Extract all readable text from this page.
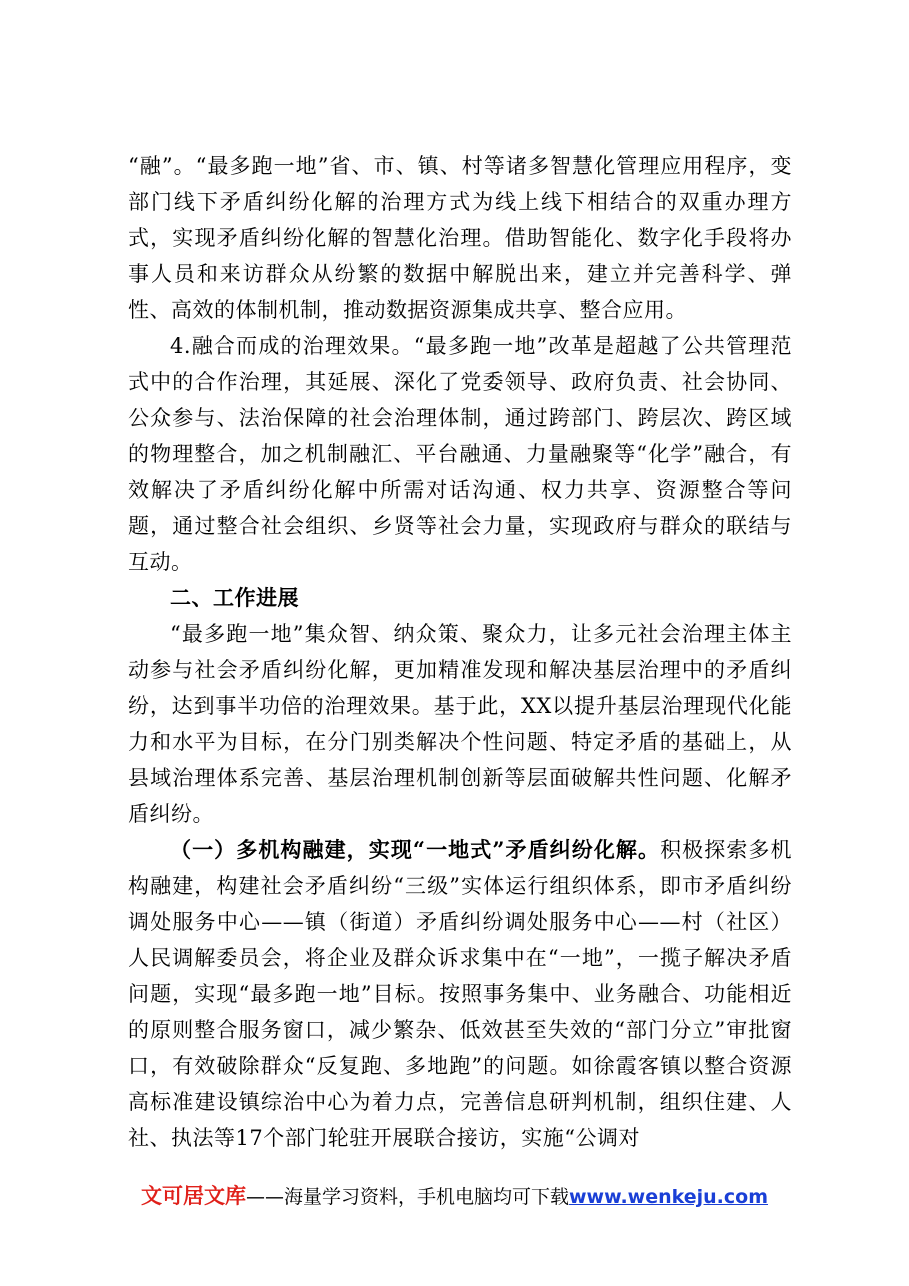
“融”。“最多跑一地”省、市、镇、村等诸多智慧化管理应用程序，变部门线下矛盾纠纷化解的治理方式为线上线下相结合的双重办理方式，实现矛盾纠纷化解的智慧化治理。借助智能化、数字化手段将办事人员和来访群众从纷繁的数据中解脱出来，建立并完善科学、弹性、高效的体制机制，推动数据资源集成共享、整合应用。

4.融合而成的治理效果。“最多跑一地”改革是超越了公共管理范式中的合作治理，其延展、深化了党委领导、政府负责、社会协同、公众参与、法治保障的社会治理体制，通过跨部门、跨层次、跨区域的物理整合，加之机制融汇、平台融通、力量融聚等“化学”融合，有效解决了矛盾纠纷化解中所需对话沟通、权力共享、资源整合等问题，通过整合社会组织、乡贤等社会力量，实现政府与群众的联结与互动。

二、工作进展

“最多跑一地”集众智、纳众策、聚众力，让多元社会治理主体主动参与社会矛盾纠纷化解，更加精准发现和解决基层治理中的矛盾纠纷，达到事半功倍的治理效果。基于此，XX以提升基层治理现代化能力和水平为目标，在分门别类解决个性问题、特定矛盾的基础上，从县域治理体系完善、基层治理机制创新等层面破解共性问题、化解矛盾纠纷。

（一）多机构融建，实现“一地式”矛盾纠纷化解。积极探索多机构融建，构建社会矛盾纠纷“三级”实体运行组织体系，即市矛盾纠纷调处服务中心——镇（街道）矛盾纠纷调处服务中心——村（社区）人民调解委员会，将企业及群众诉求集中在“一地”，一揽子解决矛盾问题，实现“最多跑一地”目标。按照事务集中、业务融合、功能相近的原则整合服务窗口，减少繁杂、低效甚至失效的“部门分立”审批窗口，有效破除群众“反复跑、多地跑”的问题。如徐霞客镇以整合资源高标准建设镇综治中心为着力点，完善信息研判机制，组织住建、人社、执法等17个部门轮驻开展联合接访，实施“公调对

文可居文库——海量学习资料，手机电脑均可下载www.wenkeju.com
